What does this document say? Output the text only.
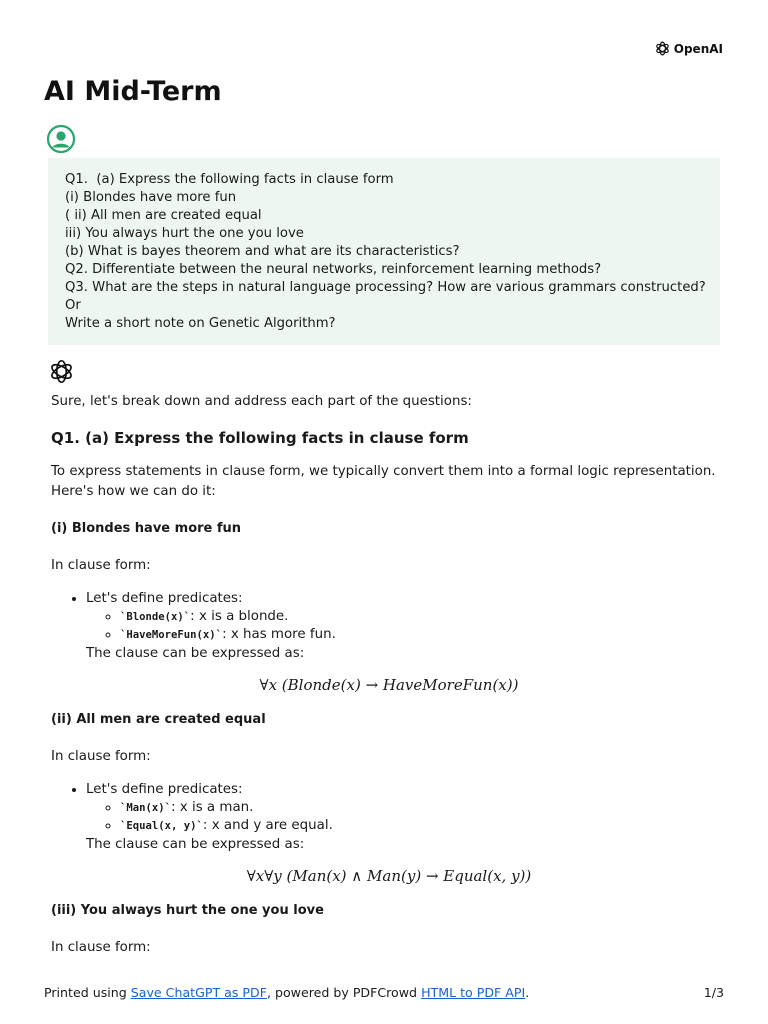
OpenAI
AI Mid-Term
Q1.  (a) Express the following facts in clause form
(i) Blondes have more fun
( ii) All men are created equal
iii) You always hurt the one you love
(b) What is bayes theorem and what are its characteristics?
Q2. Differentiate between the neural networks, reinforcement learning methods?
Q3. What are the steps in natural language processing? How are various grammars constructed?
Or
Write a short note on Genetic Algorithm?

Sure, let's break down and address each part of the questions:

Q1. (a) Express the following facts in clause form

To express statements in clause form, we typically convert them into a formal logic representation.

Here's how we can do it:

(i) Blondes have more fun

In clause form:

• Let's define predicates:
◦ `Blonde(x)`: x is a blonde.
◦ `HaveMoreFun(x)`: x has more fun.

The clause can be expressed as:

∀x (Blonde(x) → HaveMoreFun(x))

(ii) All men are created equal

In clause form:

• Let's define predicates:
◦ `Man(x)`: x is a man.
◦ `Equal(x, y)`: x and y are equal.

The clause can be expressed as:

∀x∀y (Man(x) ∧ Man(y) → Equal(x, y))

(iii) You always hurt the one you love

In clause form:

Printed using Save ChatGPT as PDF, powered by PDFCrowd HTML to PDF API.	1/3
